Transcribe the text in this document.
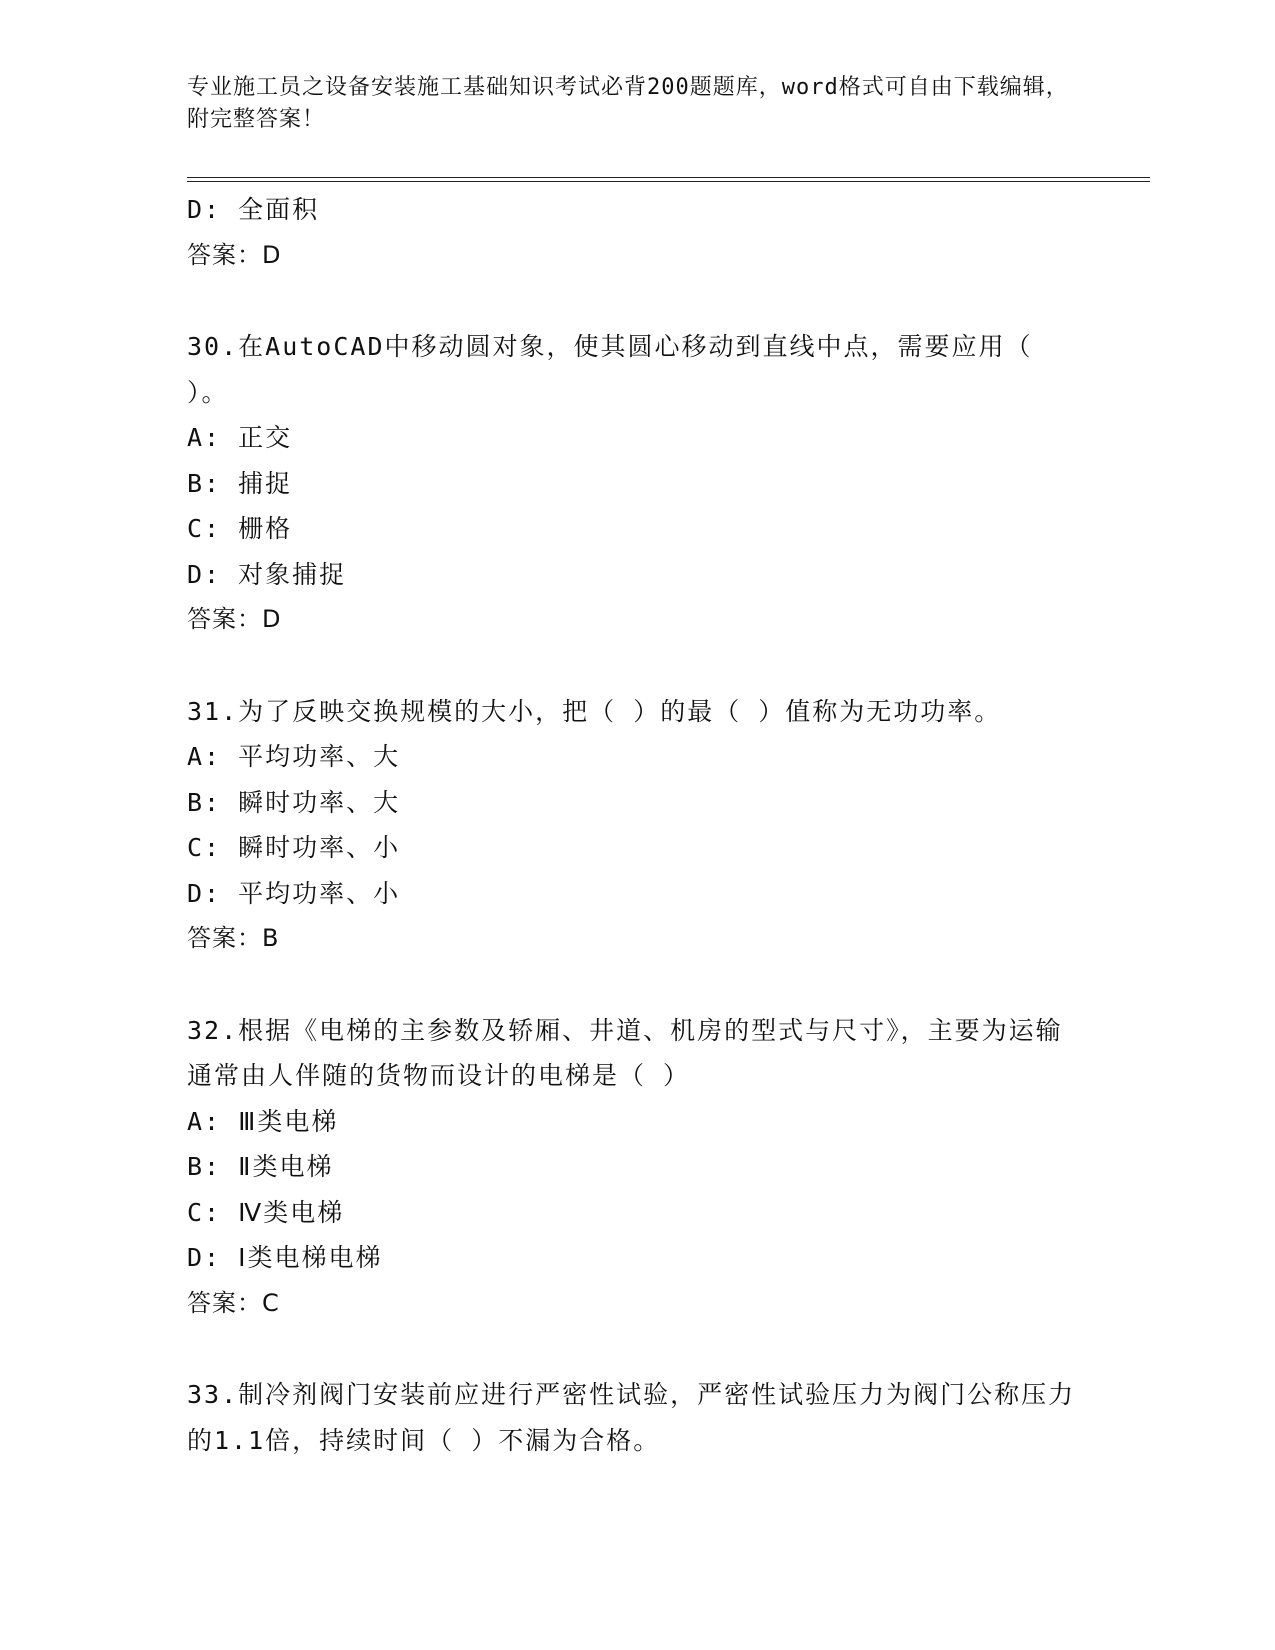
专业施工员之设备安装施工基础知识考试必背200题题库，word格式可自由下载编辑，附完整答案！
D: 全面积
答案：D
30.在AutoCAD中移动圆对象，使其圆心移动到直线中点，需要应用（ ）。
A: 正交
B: 捕捉
C: 栅格
D: 对象捕捉
答案：D
31.为了反映交换规模的大小，把（ ）的最（ ）值称为无功功率。
A: 平均功率、大
B: 瞬时功率、大
C: 瞬时功率、小
D: 平均功率、小
答案：B
32.根据《电梯的主参数及轿厢、井道、机房的型式与尺寸》，主要为运输通常由人伴随的货物而设计的电梯是（ ）
A: Ⅲ类电梯
B: Ⅱ类电梯
C: Ⅳ类电梯
D: Ⅰ类电梯电梯
答案：C
33.制冷剂阀门安装前应进行严密性试验，严密性试验压力为阀门公称压力的1.1倍，持续时间（ ）不漏为合格。
